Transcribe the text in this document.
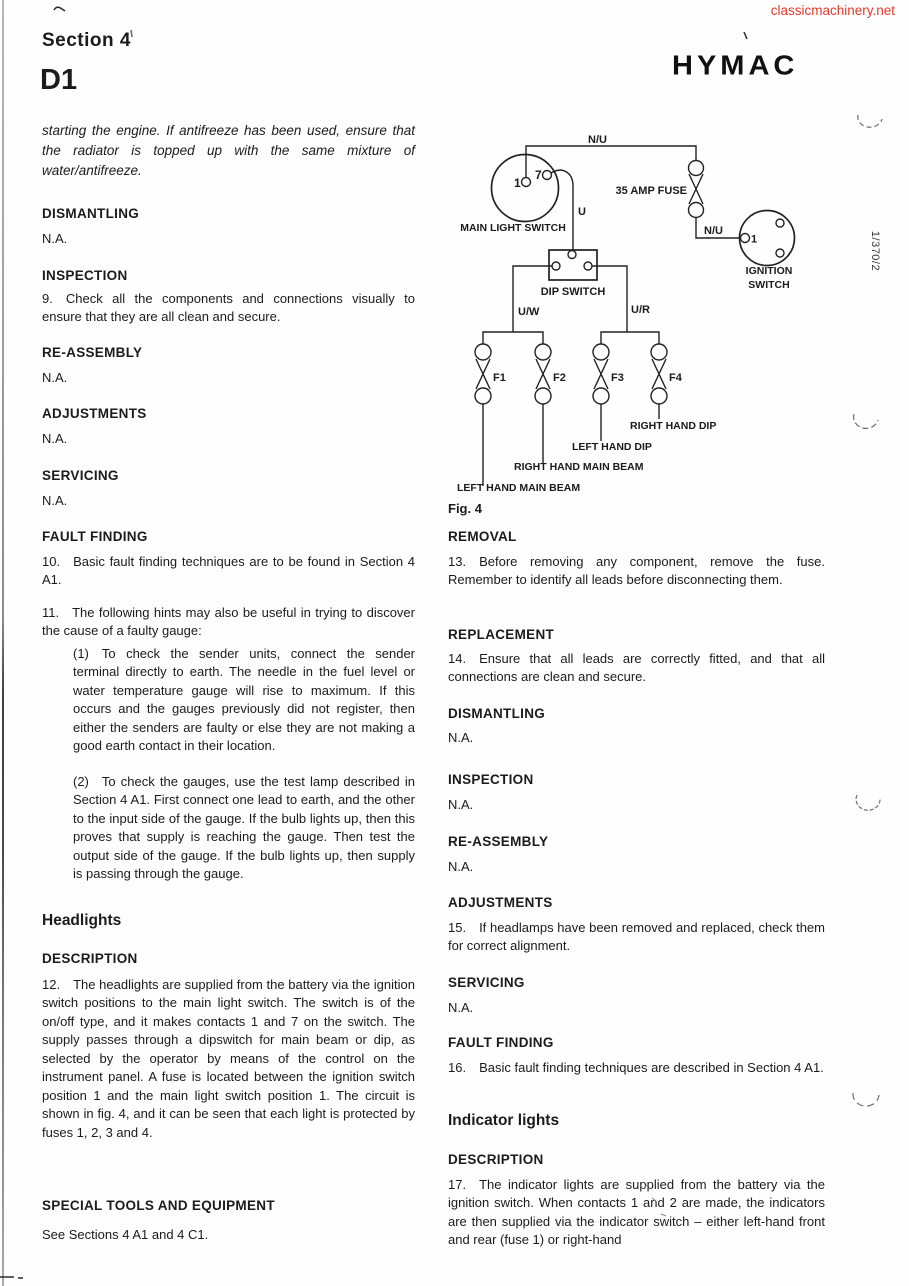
classicmachinery.net
Section 4
D1	HYMAC
1/370/2
starting the engine. If antifreeze has been used, ensure that the radiator is topped up with the same mixture of water/antifreeze.
DISMANTLING
N.A.
INSPECTION
9. Check all the components and connections visually to ensure that they are all clean and secure.
RE-ASSEMBLY
N.A.
ADJUSTMENTS
N.A.
SERVICING
N.A.
FAULT FINDING
10. Basic fault finding techniques are to be found in Section 4 A1.
11. The following hints may also be useful in trying to discover the cause of a faulty gauge:
(1) To check the sender units, connect the sender terminal directly to earth. The needle in the fuel level or water temperature gauge will rise to maximum. If this occurs and the gauges previously did not register, then either the senders are faulty or else they are not making a good earth contact in their location.
(2) To check the gauges, use the test lamp described in Section 4 A1. First connect one lead to earth, and the other to the input side of the gauge. If the bulb lights up, then this proves that supply is reaching the gauge. Then test the output side of the gauge. If the bulb lights up, then supply is passing through the gauge.
Headlights
DESCRIPTION
12. The headlights are supplied from the battery via the ignition switch positions to the main light switch. The switch is of the on/off type, and it makes contacts 1 and 7 on the switch. The supply passes through a dipswitch for main beam or dip, as selected by the operator by means of the control on the instrument panel. A fuse is located between the ignition switch position 1 and the main light switch position 1. The circuit is shown in fig. 4, and it can be seen that each light is protected by fuses 1, 2, 3 and 4.
SPECIAL TOOLS AND EQUIPMENT
See Sections 4 A1 and 4 C1.
REMOVAL
13. Before removing any component, remove the fuse. Remember to identify all leads before disconnecting them.
REPLACEMENT
14. Ensure that all leads are correctly fitted, and that all connections are clean and secure.
DISMANTLING
N.A.
INSPECTION
N.A.
RE-ASSEMBLY
N.A.
ADJUSTMENTS
15. If headlamps have been removed and replaced, check them for correct alignment.
SERVICING
N.A.
FAULT FINDING
16. Basic fault finding techniques are described in Section 4 A1.
Indicator lights
DESCRIPTION
17. The indicator lights are supplied from the battery via the ignition switch. When contacts 1 and 2 are made, the indicators are then supplied via the indicator switch – either left-hand front and rear (fuse 1) or right-hand
N/U
1
7
MAIN LIGHT SWITCH
35 AMP FUSE
N/U
1
IGNITION
SWITCH
U
DIP SWITCH
U/W	U/R
F1	F2	F3	F4
RIGHT HAND DIP
LEFT HAND DIP
RIGHT HAND MAIN BEAM
LEFT HAND MAIN BEAM
Fig. 4
